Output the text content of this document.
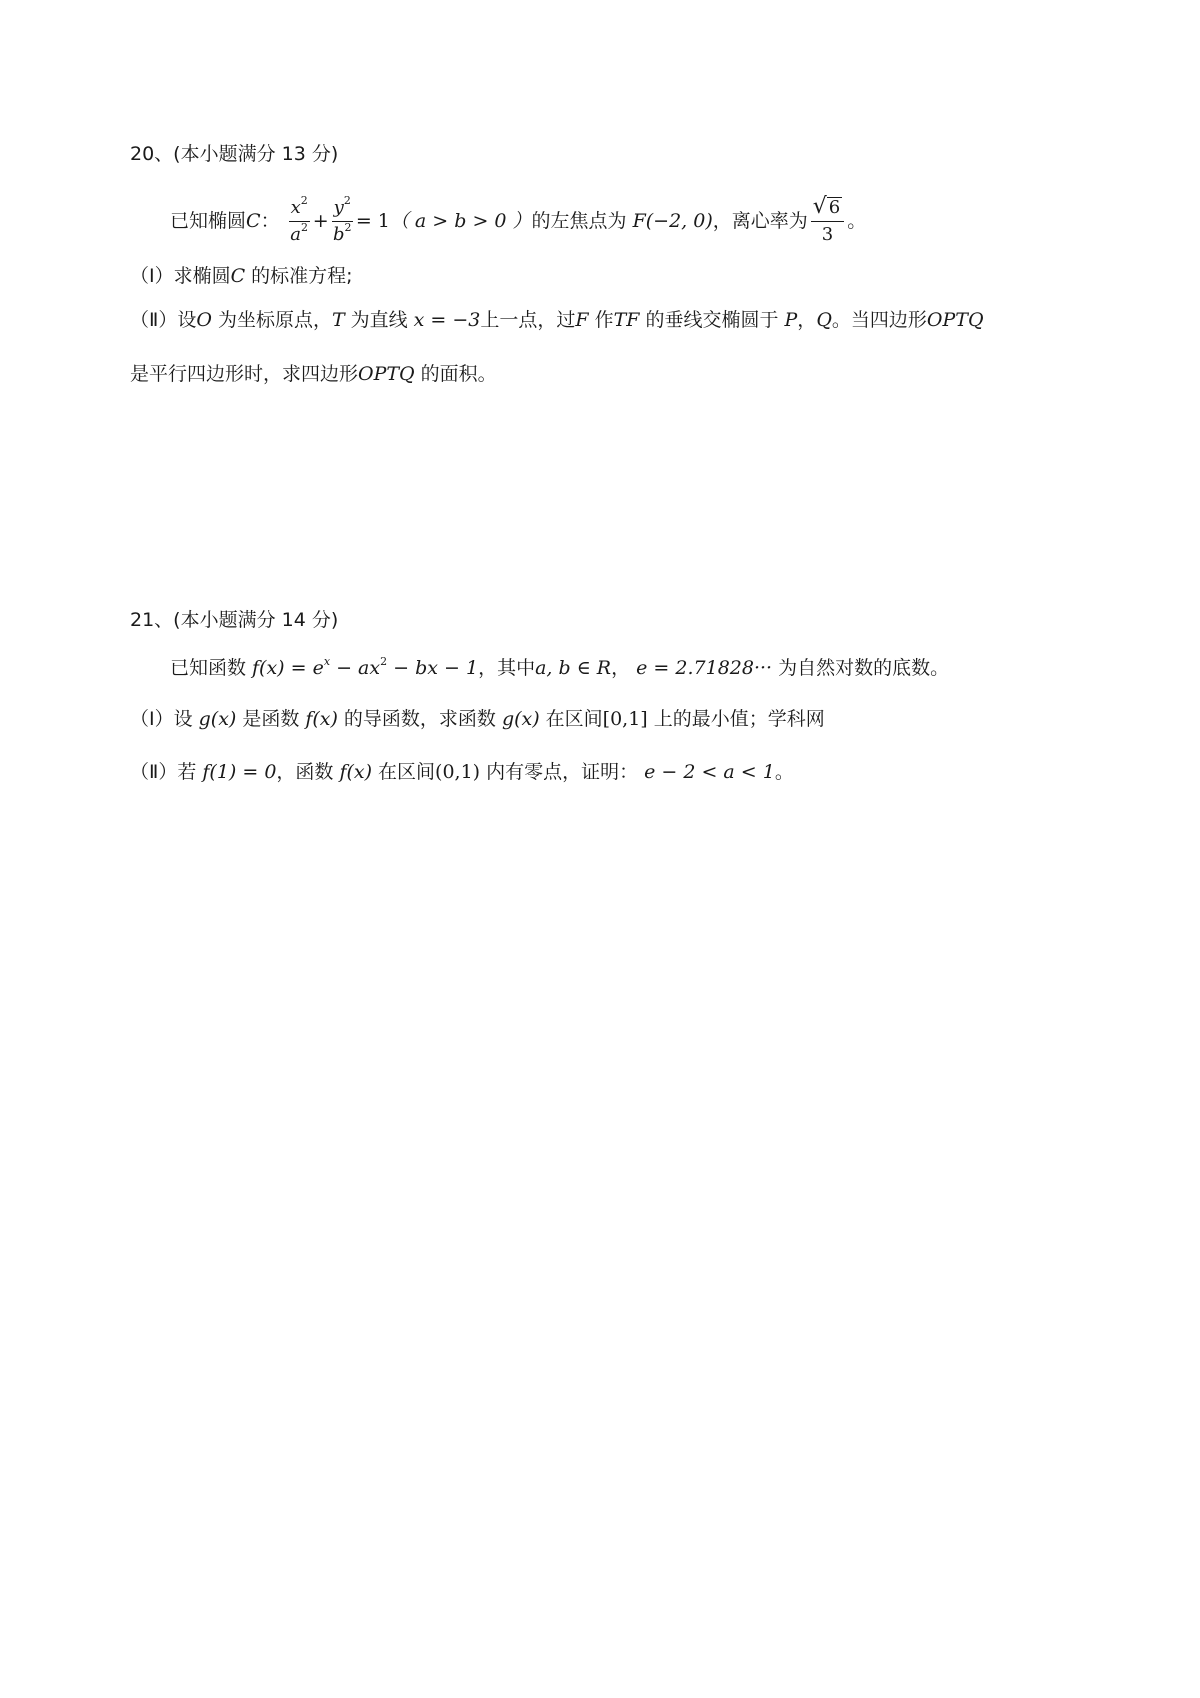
20、(本小题满分 13 分)
已知椭圆 C ： $\frac{x^2}{a^2} + \frac{y^2}{b^2} = 1$ （ a > b > 0 ） 的左焦点为 F(−2, 0) ，离心率为 $\frac{√ 6}{3}$ 。
（Ⅰ） 求椭圆 C 的标准方程;
（Ⅱ） 设 O 为坐标原点， T 为直线 x = −3 上一点，过 F 作 TF 的垂线交椭圆于 P ， Q 。当四边形 OPTQ
是平行四边形时，求四边形 OPTQ 的面积。
21、(本小题满分 14 分)
已知函数 $f(x) = e^x - ax^2$ − bx − 1 ，其中 a, b ∈ R ， e = 2.71828··· 为自然对数的底数。
（Ⅰ） 设 g(x) 是函数 f(x) 的导函数，求函数 g(x) 在区间 [0,1] 上的最小值；学科网
（Ⅱ） 若 f(1) = 0 ，函数 f(x) 在区间 (0,1) 内有零点，证明： e − 2 < a < 1 。
